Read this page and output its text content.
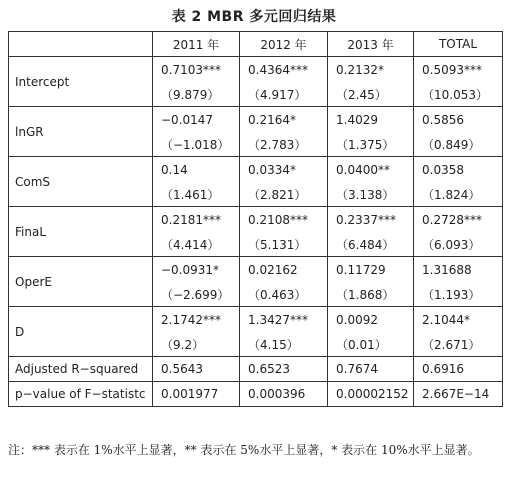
表 2 MBR 多元回归结果
	2011 年	2012 年	2013 年	TOTAL
Intercept	0.7103***	0.4364***	0.2132*	0.5093***
	（9.879）	（4.917）	（2.45）	（10.053）
lnGR	−0.0147	0.2164*	1.4029	0.5856
	（−1.018）	（2.783）	（1.375）	（0.849）
ComS	0.14	0.0334*	0.0400**	0.0358
	（1.461）	（2.821）	（3.138）	（1.824）
FinaL	0.2181***	0.2108***	0.2337***	0.2728***
	（4.414）	（5.131）	（6.484）	（6.093）
OperE	−0.0931*	0.02162	0.11729	1.31688
	（−2.699）	（0.463）	（1.868）	（1.193）
D	2.1742***	1.3427***	0.0092	2.1044*
	（9.2）	（4.15）	（0.01）	（2.671）
Adjusted R−squared	0.5643	0.6523	0.7674	0.6916
p−value of F−statistc	0.001977	0.000396	0.00002152	2.667E−14
注：*** 表示在 1%水平上显著，** 表示在 5%水平上显著，* 表示在 10%水平上显著。
